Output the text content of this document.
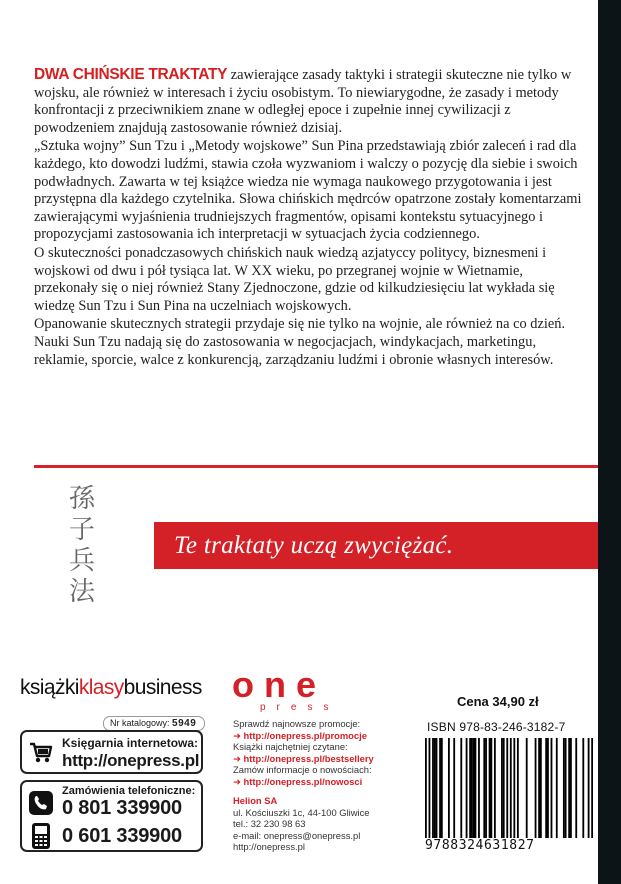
DWA CHIŃSKIE TRAKTATY zawierające zasady taktyki i strategii skuteczne nie tylko w wojsku, ale również w interesach i życiu osobistym. To niewiarygodne, że zasady i metody konfrontacji z przeciwnikiem znane w odległej epoce i zupełnie innej cywilizacji z powodzeniem znajdują zastosowanie również dzisiaj.

„Sztuka wojny” Sun Tzu i „Metody wojskowe” Sun Pina przedstawiają zbiór zaleceń i rad dla każdego, kto dowodzi ludźmi, stawia czoła wyzwaniom i walczy o pozycję dla siebie i swoich podwładnych. Zawarta w tej książce wiedza nie wymaga naukowego przygotowania i jest przystępna dla każdego czytelnika. Słowa chińskich mędrców opatrzone zostały komentarzami zawierającymi wyjaśnienia trudniejszych fragmentów, opisami kontekstu sytuacyjnego i propozycjami zastosowania ich interpretacji w sytuacjach życia codziennego.

O skuteczności ponadczasowych chińskich nauk wiedzą azjatyccy politycy, biznesmeni i wojskowi od dwu i pół tysiąca lat. W XX wieku, po przegranej wojnie w Wietnamie, przekonały się o niej również Stany Zjednoczone, gdzie od kilkudziesięciu lat wykłada się wiedzę Sun Tzu i Sun Pina na uczelniach wojskowych.

Opanowanie skutecznych strategii przydaje się nie tylko na wojnie, ale również na co dzień. Nauki Sun Tzu nadają się do zastosowania w negocjacjach, windykacjach, marketingu, reklamie, sporcie, walce z konkurencją, zarządzaniu ludźmi i obronie własnych interesów.

孫
子
兵
法
Te traktaty uczą zwyciężać.
książkiklasybusiness
Nr katalogowy: 5949
Księgarnia internetowa:
http://onepress.pl
Zamówienia telefoniczne:
0 801 339900
0 601 339900
one
press
Sprawdź najnowsze promocje:
➜ http://onepress.pl/promocje
Książki najchętniej czytane:
➜ http://onepress.pl/bestsellery
Zamów informacje o nowościach:
➜ http://onepress.pl/nowosci
Helion SA
ul. Kościuszki 1c, 44-100 Gliwice
tel.: 32 230 98 63
e-mail: onepress@onepress.pl
http://onepress.pl
Cena 34,90 zł
ISBN 978-83-246-3182-7
9788324631827
